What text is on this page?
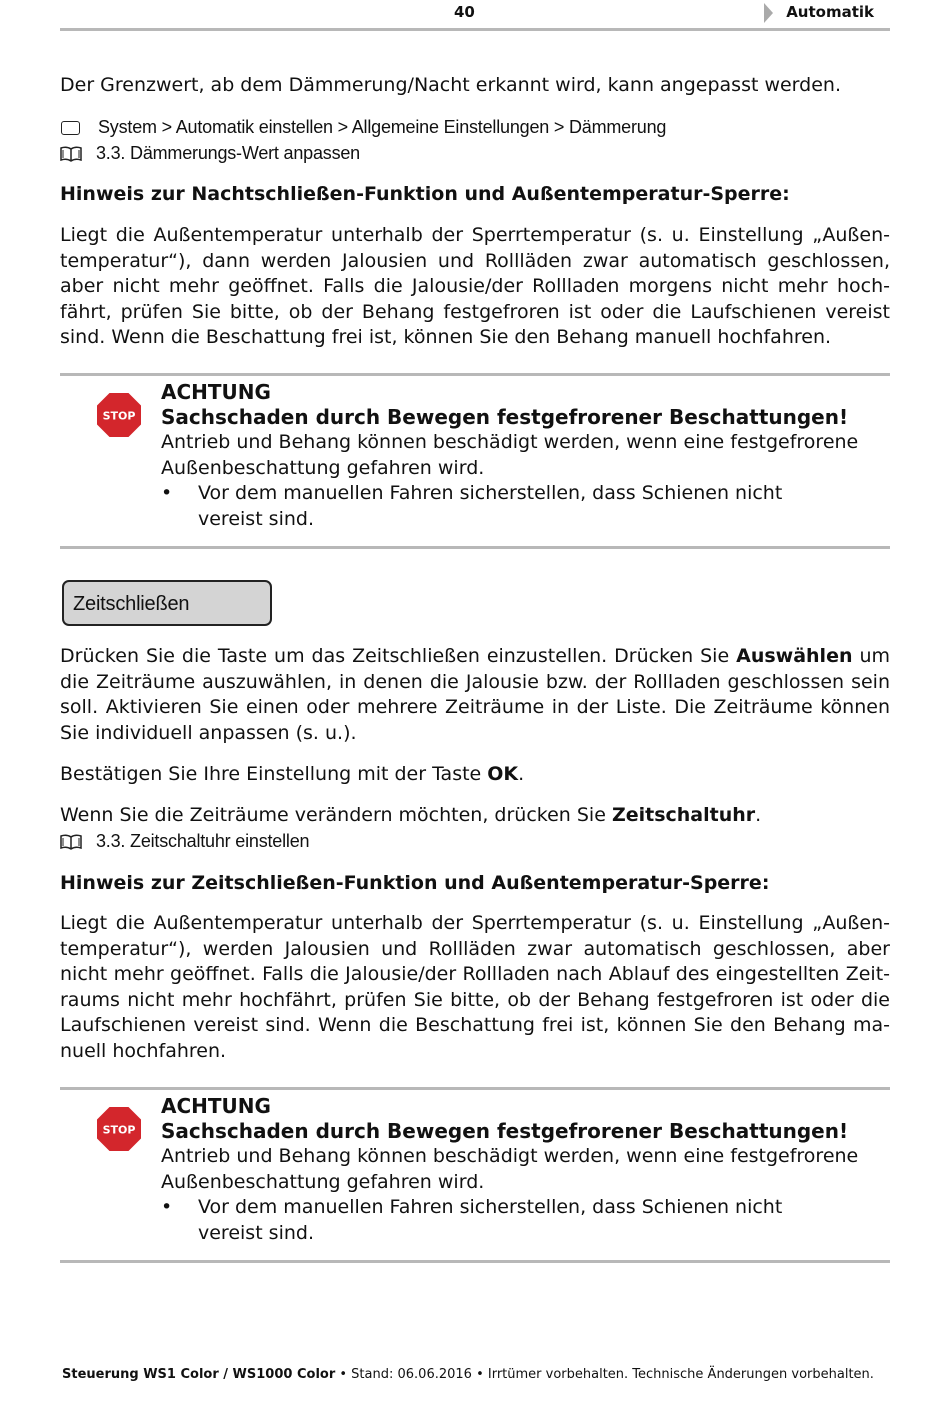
40	Automatik

Der Grenzwert, ab dem Dämmerung/Nacht erkannt wird, kann angepasst werden.

System > Automatik einstellen > Allgemeine Einstellungen > Dämmerung
3.3. Dämmerungs-Wert anpassen
Hinweis zur Nachtschließen-Funktion und Außentemperatur-Sperre:

Liegt die Außentemperatur unterhalb der Sperrtemperatur (s. u. Einstellung „Außentemperatur“), dann werden Jalousien und Rollläden zwar automatisch geschlossen, aber nicht mehr geöffnet. Falls die Jalousie/der Rollladen morgens nicht mehr hochfährt, prüfen Sie bitte, ob der Behang festgefroren ist oder die Laufschienen vereist sind. Wenn die Beschattung frei ist, können Sie den Behang manuell hochfahren.

STOP
ACHTUNG
Sachschaden durch Bewegen festgefrorener Beschattungen!

Antrieb und Behang können beschädigt werden, wenn eine festgefrorene Außenbeschattung gefahren wird.

•	Vor dem manuellen Fahren sicherstellen, dass Schienen nicht vereist sind.

Zeitschließen

Drücken Sie die Taste um das Zeitschließen einzustellen. Drücken Sie Auswählen um die Zeiträume auszuwählen, in denen die Jalousie bzw. der Rollladen geschlossen sein soll. Aktivieren Sie einen oder mehrere Zeiträume in der Liste. Die Zeiträume können Sie individuell anpassen (s. u.).

Bestätigen Sie Ihre Einstellung mit der Taste OK.

Wenn Sie die Zeiträume verändern möchten, drücken Sie Zeitschaltuhr.

3.3. Zeitschaltuhr einstellen
Hinweis zur Zeitschließen-Funktion und Außentemperatur-Sperre:

Liegt die Außentemperatur unterhalb der Sperrtemperatur (s. u. Einstellung „Außentemperatur“), werden Jalousien und Rollläden zwar automatisch geschlossen, aber nicht mehr geöffnet. Falls die Jalousie/der Rollladen nach Ablauf des eingestellten Zeitraums nicht mehr hochfährt, prüfen Sie bitte, ob der Behang festgefroren ist oder die Laufschienen vereist sind. Wenn die Beschattung frei ist, können Sie den Behang manuell hochfahren.

STOP
ACHTUNG
Sachschaden durch Bewegen festgefrorener Beschattungen!

Antrieb und Behang können beschädigt werden, wenn eine festgefrorene Außenbeschattung gefahren wird.

•	Vor dem manuellen Fahren sicherstellen, dass Schienen nicht vereist sind.

Steuerung WS1 Color / WS1000 Color • Stand: 06.06.2016 • Irrtümer vorbehalten. Technische Änderungen vorbehalten.
